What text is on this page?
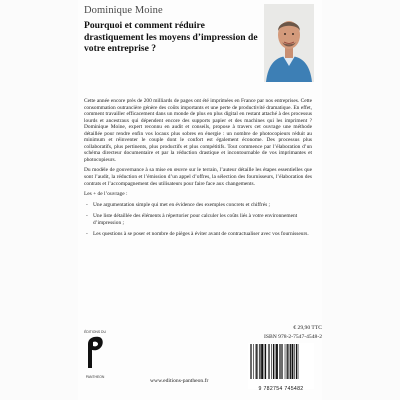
Dominique Moine
Pourquoi et comment réduire drastiquement les moyens d’impression de votre entreprise ?

Cette année encore près de 200 milliards de pages ont été imprimées en France par nos entreprises. Cette consommation outrancière génère des coûts importants et une perte de productivité dramatique. En effet, comment travailler efficacement dans un monde de plus en plus digital en restant attaché à des processus lourds et ancestraux qui dépendent encore des supports papier et des machines qui les impriment ? Dominique Moine, expert reconnu en audit et conseils, propose à travers cet ouvrage une méthode détaillée pour rendre enfin vos locaux plus sobres en énergie : un nombre de photocopieurs réduit au minimum et réinventer le couple dont le confort est également économe. Des processus plus collaboratifs, plus pertinents, plus productifs et plus compétitifs. Tout commence par l’élaboration d’un schéma directeur documentaire et par la réduction drastique et incontournable de vos imprimantes et photocopieurs.

Du modèle de gouvernance à sa mise en œuvre sur le terrain, l’auteur détaille les étapes essentielles que sont l’audit, la réduction et l’émission d’un appel d’offres, la sélection des fournisseurs, l’élaboration des contrats et l’accompagnement des utilisateurs pour faire face aux changements.

Les + de l’ouvrage :

- Une argumentation simple qui met en évidence des exemples concrets et chiffrés ;
- Une liste détaillée des éléments à répertorier pour calculer les coûts liés à votre environnement d’impression ;
- Les questions à se poser et nombre de pièges à éviter avant de contractualiser avec vos fournisseurs.
€ 29,90 TTC
ISBN 978-2-7547-4548-2
ÉDITIONS DU
PANTHEON
www.editions-pantheon.fr
9 782754 745482
